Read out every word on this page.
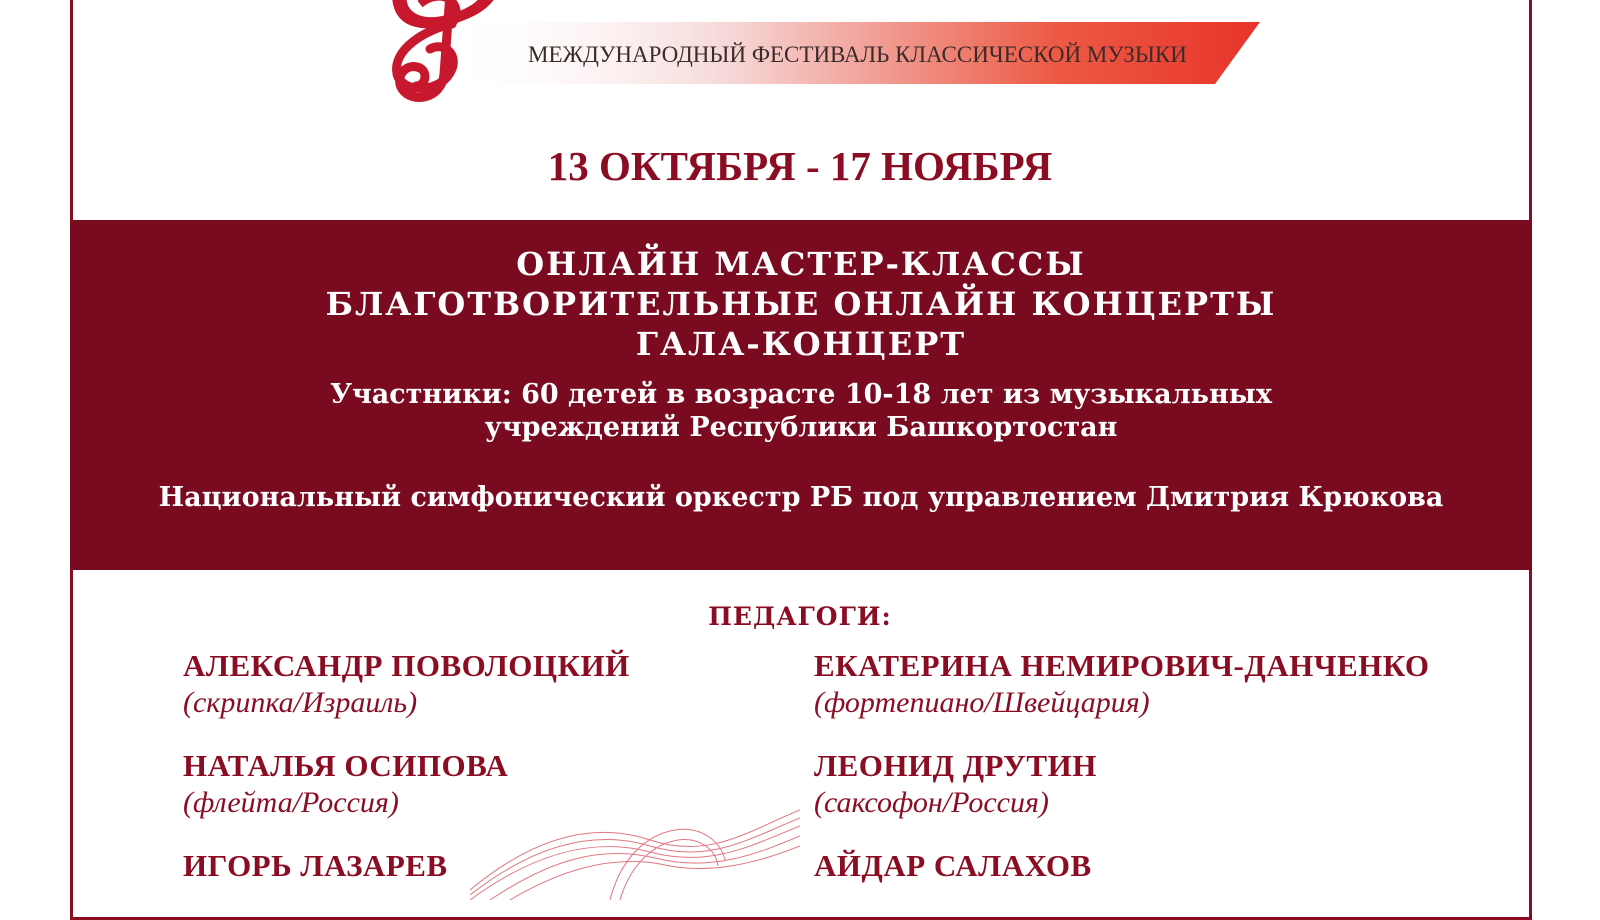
МЕЖДУНАРОДНЫЙ ФЕСТИВАЛЬ КЛАССИЧЕСКОЙ МУЗЫКИ
13 ОКТЯБРЯ - 17 НОЯБРЯ
ОНЛАЙН МАСТЕР-КЛАССЫ
БЛАГОТВОРИТЕЛЬНЫЕ ОНЛАЙН КОНЦЕРТЫ
ГАЛА-КОНЦЕРТ
Участники: 60 детей в возрасте 10-18 лет из музыкальных
учреждений Республики Башкортостан
Национальный симфонический оркестр РБ под управлением Дмитрия Крюкова
ПЕДАГОГИ:
АЛЕКСАНДР ПОВОЛОЦКИЙ
(скрипка/Израиль)
ЕКАТЕРИНА НЕМИРОВИЧ-ДАНЧЕНКО
(фортепиано/Швейцария)
НАТАЛЬЯ ОСИПОВА
(флейта/Россия)
ЛЕОНИД ДРУТИН
(саксофон/Россия)
ИГОРЬ ЛАЗАРЕВ	АЙДАР САЛАХОВ
